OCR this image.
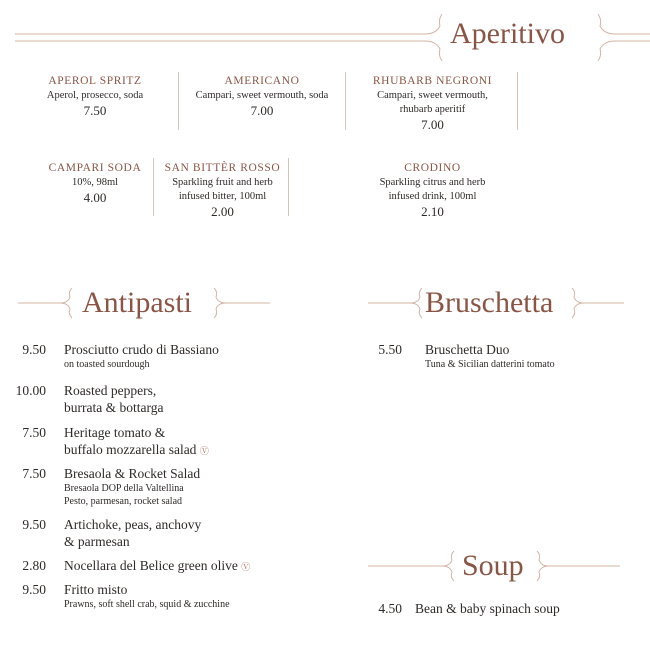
Aperitivo
APEROL SPRITZ
Aperol, prosecco, soda
7.50
AMERICANO
Campari, sweet vermouth, soda
7.00
RHUBARB NEGRONI
Campari, sweet vermouth, rhubarb aperitif
7.00
CAMPARI SODA
10%, 98ml
4.00
SAN BITTÈR ROSSO
Sparkling fruit and herb infused bitter, 100ml
2.00
CRODINO
Sparkling citrus and herb infused drink, 100ml
2.10
Antipasti	Bruschetta
9.50 Prosciutto crudo di Bassiano
on toasted sourdough
10.00 Roasted peppers,
burrata & bottarga
7.50 Heritage tomato &
buffalo mozzarella salad Ⓥ
7.50 Bresaola & Rocket Salad
Bresaola DOP della Valtellina
Pesto, parmesan, rocket salad
9.50 Artichoke, peas, anchovy
& parmesan
2.80 Nocellara del Belice green olive Ⓥ
9.50 Fritto misto
Prawns, soft shell crab, squid & zucchine
5.50 Bruschetta Duo
Tuna & Sicilian datterini tomato
Soup
4.50 Bean & baby spinach soup
